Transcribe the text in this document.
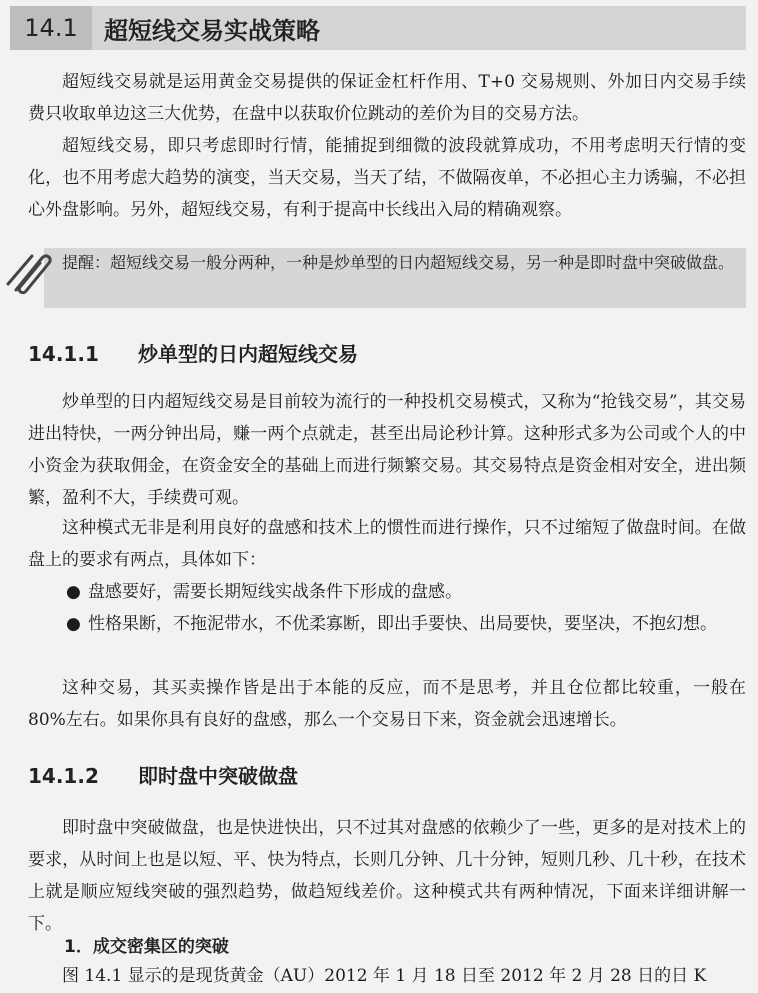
14.1	超短线交易实战策略

超短线交易就是运用黄金交易提供的保证金杠杆作用、T+0 交易规则、外加日内交易手续费只收取单边这三大优势，在盘中以获取价位跳动的差价为目的交易方法。

超短线交易，即只考虑即时行情，能捕捉到细微的波段就算成功，不用考虑明天行情的变化，也不用考虑大趋势的演变，当天交易，当天了结，不做隔夜单，不必担心主力诱骗，不必担心外盘影响。另外，超短线交易，有利于提高中长线出入局的精确观察。

提醒：超短线交易一般分两种，一种是炒单型的日内超短线交易，另一种是即时盘中突破做盘。

14.1.1 炒单型的日内超短线交易

炒单型的日内超短线交易是目前较为流行的一种投机交易模式，又称为“抢钱交易”，其交易进出特快，一两分钟出局，赚一两个点就走，甚至出局论秒计算。这种形式多为公司或个人的中小资金为获取佣金，在资金安全的基础上而进行频繁交易。其交易特点是资金相对安全，进出频繁，盈利不大，手续费可观。

这种模式无非是利用良好的盘感和技术上的惯性而进行操作，只不过缩短了做盘时间。在做盘上的要求有两点，具体如下：

● 盘感要好，需要长期短线实战条件下形成的盘感。

● 性格果断，不拖泥带水，不优柔寡断，即出手要快、出局要快，要坚决，不抱幻想。

这种交易，其买卖操作皆是出于本能的反应，而不是思考，并且仓位都比较重，一般在 80%左右。如果你具有良好的盘感，那么一个交易日下来，资金就会迅速增长。

14.1.2 即时盘中突破做盘

即时盘中突破做盘，也是快进快出，只不过其对盘感的依赖少了一些，更多的是对技术上的要求，从时间上也是以短、平、快为特点，长则几分钟、几十分钟，短则几秒、几十秒，在技术上就是顺应短线突破的强烈趋势，做趋短线差价。这种模式共有两种情况，下面来详细讲解一下。

1．成交密集区的突破

图 14.1 显示的是现货黄金（AU）2012 年 1 月 18 日至 2012 年 2 月 28 日的日 K
